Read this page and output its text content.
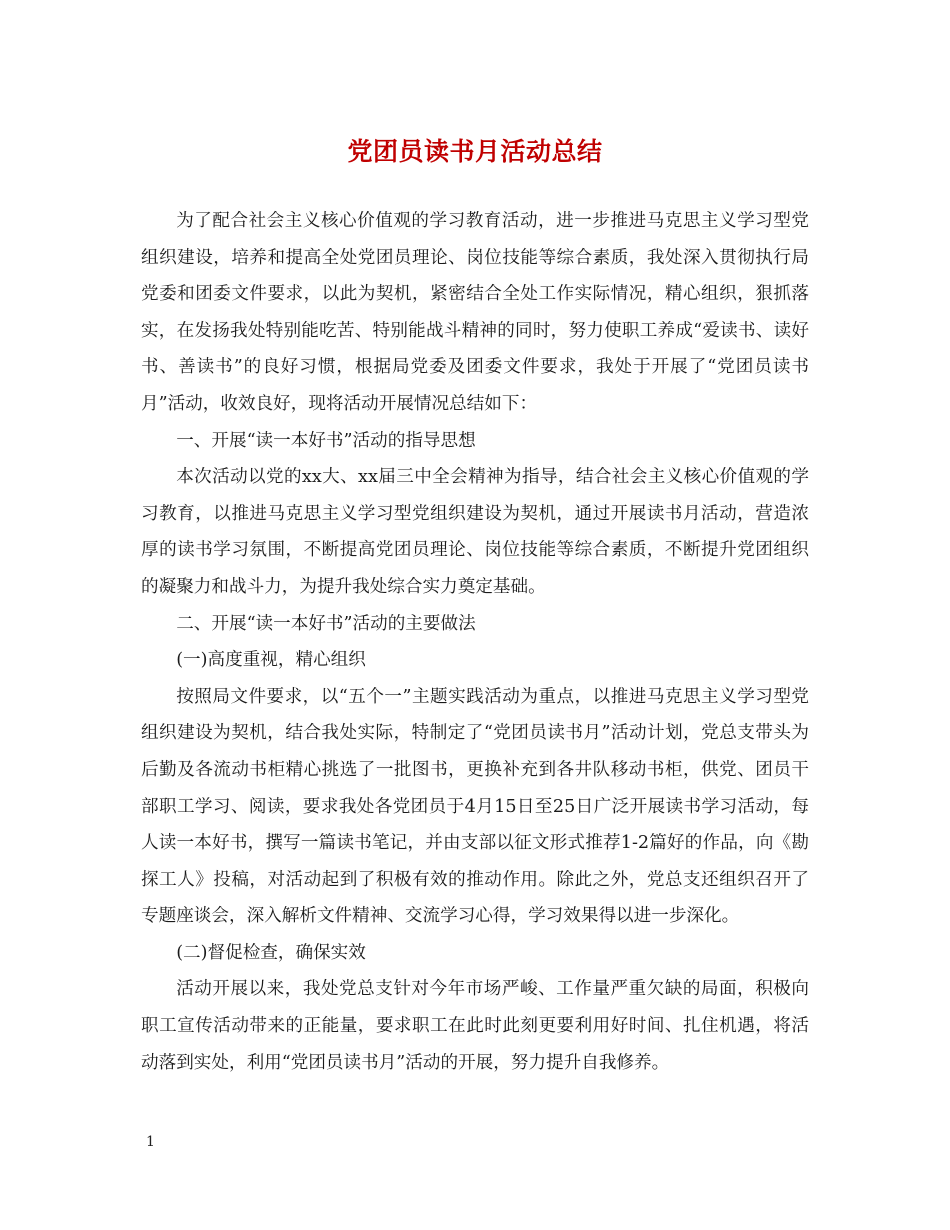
党团员读书月活动总结

为了配合社会主义核心价值观的学习教育活动，进一步推进马克思主义学习型党组织建设，培养和提高全处党团员理论、岗位技能等综合素质，我处深入贯彻执行局党委和团委文件要求，以此为契机，紧密结合全处工作实际情况，精心组织，狠抓落实，在发扬我处特别能吃苦、特别能战斗精神的同时，努力使职工养成“爱读书、读好书、善读书”的良好习惯，根据局党委及团委文件要求，我处于开展了“党团员读书月”活动，收效良好，现将活动开展情况总结如下：

一、开展“读一本好书”活动的指导思想

本次活动以党的xx大、xx届三中全会精神为指导，结合社会主义核心价值观的学习教育，以推进马克思主义学习型党组织建设为契机，通过开展读书月活动，营造浓厚的读书学习氛围，不断提高党团员理论、岗位技能等综合素质，不断提升党团组织的凝聚力和战斗力，为提升我处综合实力奠定基础。

二、开展“读一本好书”活动的主要做法

(一)高度重视，精心组织

按照局文件要求，以“五个一”主题实践活动为重点，以推进马克思主义学习型党组织建设为契机，结合我处实际，特制定了“党团员读书月”活动计划，党总支带头为后勤及各流动书柜精心挑选了一批图书，更换补充到各井队移动书柜，供党、团员干部职工学习、阅读，要求我处各党团员于4月15日至25日广泛开展读书学习活动，每人读一本好书，撰写一篇读书笔记，并由支部以征文形式推荐1-2篇好的作品，向《勘探工人》投稿，对活动起到了积极有效的推动作用。除此之外，党总支还组织召开了专题座谈会，深入解析文件精神、交流学习心得，学习效果得以进一步深化。

(二)督促检查，确保实效

活动开展以来，我处党总支针对今年市场严峻、工作量严重欠缺的局面，积极向职工宣传活动带来的正能量，要求职工在此时此刻更要利用好时间、扎住机遇，将活动落到实处，利用“党团员读书月”活动的开展，努力提升自我修养。

1
